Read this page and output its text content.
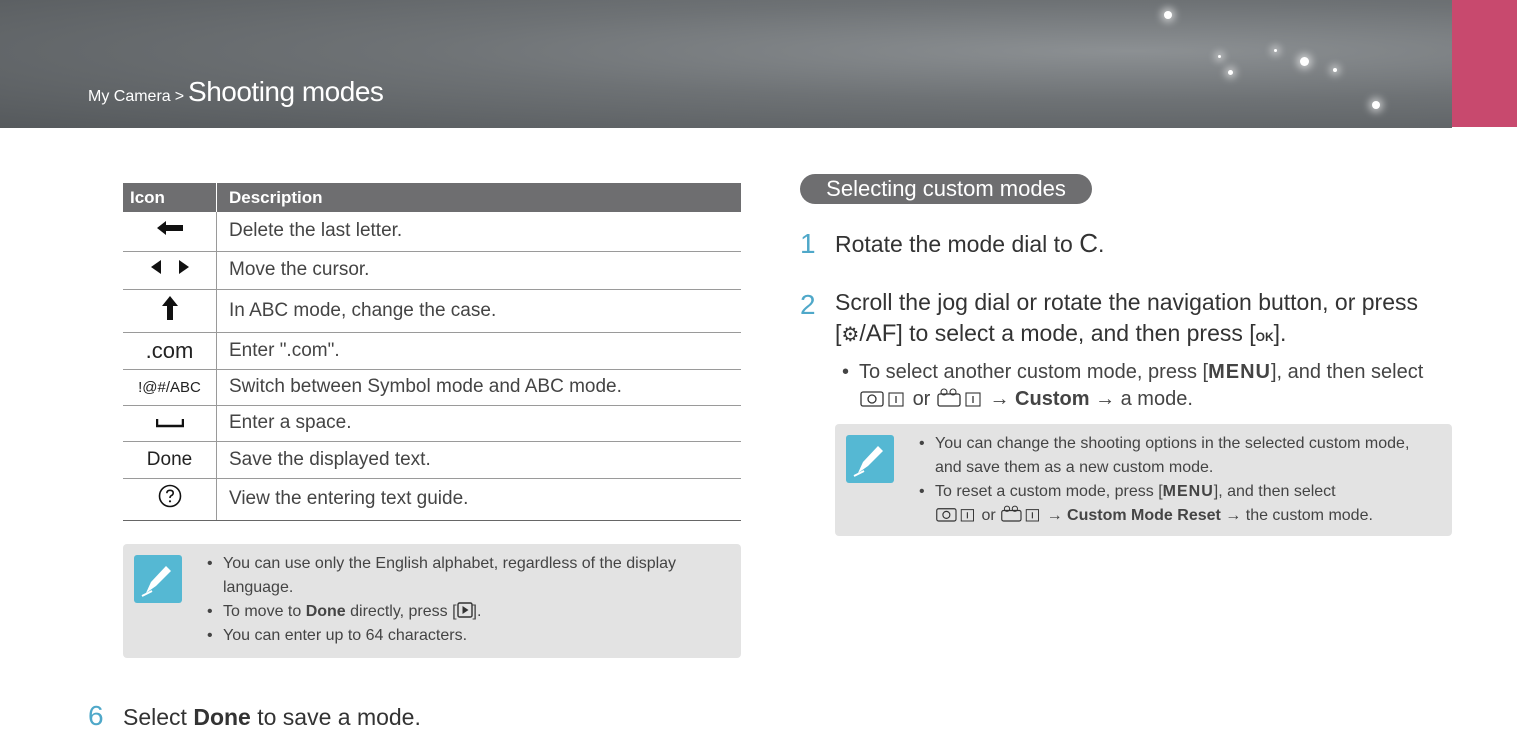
My Camera > Shooting modes
Icon	Description
	Delete the last letter.
	Move the cursor.
	In ABC mode, change the case.
.com	Enter ".com".
!@#/ABC	Switch between Symbol mode and ABC mode.
	Enter a space.
Done	Save the displayed text.
	View the entering text guide.
• You can use only the English alphabet, regardless of the display language.
• To move to Done directly, press [ ].
• You can enter up to 64 characters.
6 Select Done to save a mode.
Selecting custom modes
1 Rotate the mode dial to C.
2 Scroll the jog dial or rotate the navigation button, or press
[⚙/AF] to select a mode, and then press [OK].
• To select another custom mode, press [MENU], and then select
or	→ Custom → a mode.
• You can change the shooting options in the selected custom mode, and save them as a new custom mode.
• To reset a custom mode, press [MENU], and then select
or	→ Custom Mode Reset → the custom mode.
